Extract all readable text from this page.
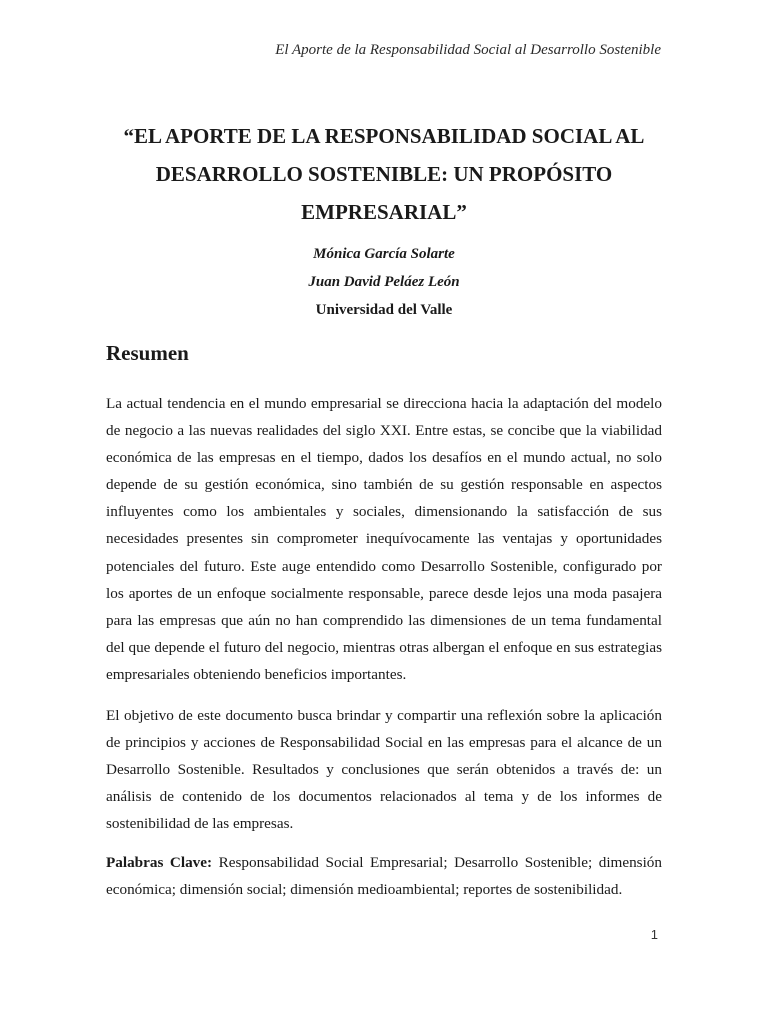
El Aporte de la Responsabilidad Social al Desarrollo Sostenible
“EL APORTE DE LA RESPONSABILIDAD SOCIAL AL
DESARROLLO SOSTENIBLE: UN PROPÓSITO
EMPRESARIAL”
Mónica García Solarte
Juan David Peláez León
Universidad del Valle
Resumen

La actual tendencia en el mundo empresarial se direcciona hacia la adaptación del modelo de negocio a las nuevas realidades del siglo XXI. Entre estas, se concibe que la viabilidad económica de las empresas en el tiempo, dados los desafíos en el mundo actual, no solo depende de su gestión económica, sino también de su gestión responsable en aspectos influyentes como los ambientales y sociales, dimensionando la satisfacción de sus necesidades presentes sin comprometer inequívocamente las ventajas y oportunidades potenciales del futuro. Este auge entendido como Desarrollo Sostenible, configurado por los aportes de un enfoque socialmente responsable, parece desde lejos una moda pasajera para las empresas que aún no han comprendido las dimensiones de un tema fundamental del que depende el futuro del negocio, mientras otras albergan el enfoque en sus estrategias empresariales obteniendo beneficios importantes.

El objetivo de este documento busca brindar y compartir una reflexión sobre la aplicación de principios y acciones de Responsabilidad Social en las empresas para el alcance de un Desarrollo Sostenible. Resultados y conclusiones que serán obtenidos a través de: un análisis de contenido de los documentos relacionados al tema y de los informes de sostenibilidad de las empresas.

Palabras Clave: Responsabilidad Social Empresarial; Desarrollo Sostenible; dimensión económica; dimensión social; dimensión medioambiental; reportes de sostenibilidad.

1
